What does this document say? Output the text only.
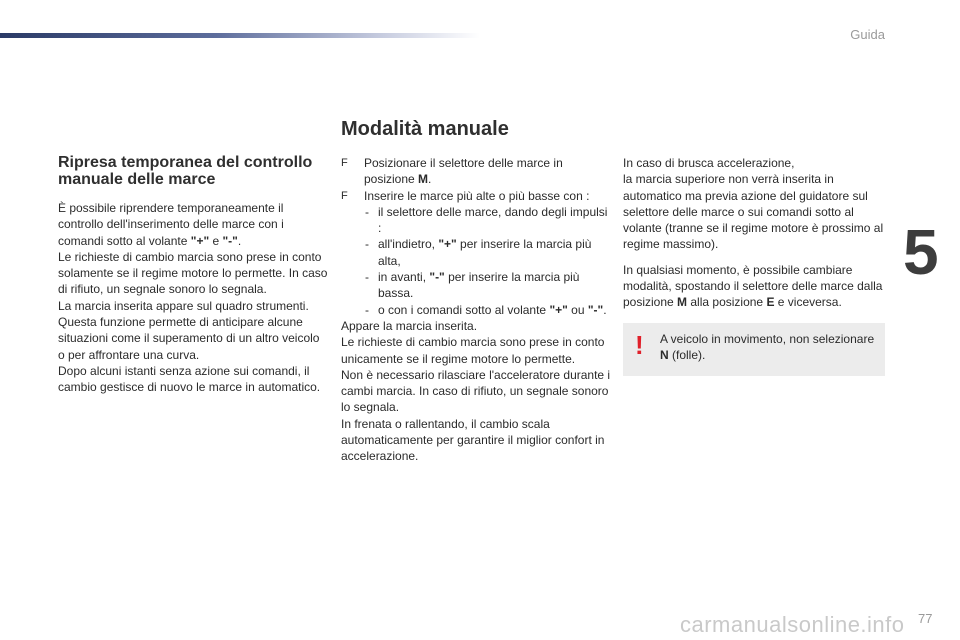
Guida
5
Modalità manuale
Ripresa temporanea del controllo
manuale delle marce

È possibile riprendere temporaneamente il controllo dell'inserimento delle marce con i comandi sotto al volante "+" e "-".

Le richieste di cambio marcia sono prese in conto solamente se il regime motore lo permette. In caso di rifiuto, un segnale sonoro lo segnala.

La marcia inserita appare sul quadro strumenti.

Questa funzione permette di anticipare alcune situazioni come il superamento di un altro veicolo o per affrontare una curva.

Dopo alcuni istanti senza azione sui comandi, il cambio gestisce di nuovo le marce in automatico.

F Posizionare il selettore delle marce in posizione M.

F Inserire le marce più alte o più basse con :

- il selettore delle marce, dando degli impulsi :

- all'indietro, "+" per inserire la marcia più alta,

- in avanti, "-" per inserire la marcia più bassa.

- o con i comandi sotto al volante "+" ou "-".

Appare la marcia inserita.

Le richieste di cambio marcia sono prese in conto unicamente se il regime motore lo permette.

Non è necessario rilasciare l'acceleratore durante i cambi marcia. In caso di rifiuto, un segnale sonoro lo segnala.

In frenata o rallentando, il cambio scala automaticamente per garantire il miglior confort in accelerazione.

In caso di brusca accelerazione,
la marcia superiore non verrà inserita in automatico ma previa azione del guidatore sul selettore delle marce o sui comandi sotto al volante (tranne se il regime motore è prossimo al regime massimo).

In qualsiasi momento, è possibile cambiare modalità, spostando il selettore delle marce dalla posizione M alla posizione E e viceversa.

! A veicolo in movimento, non selezionare N (folle).
carmanualsonline.info 77
